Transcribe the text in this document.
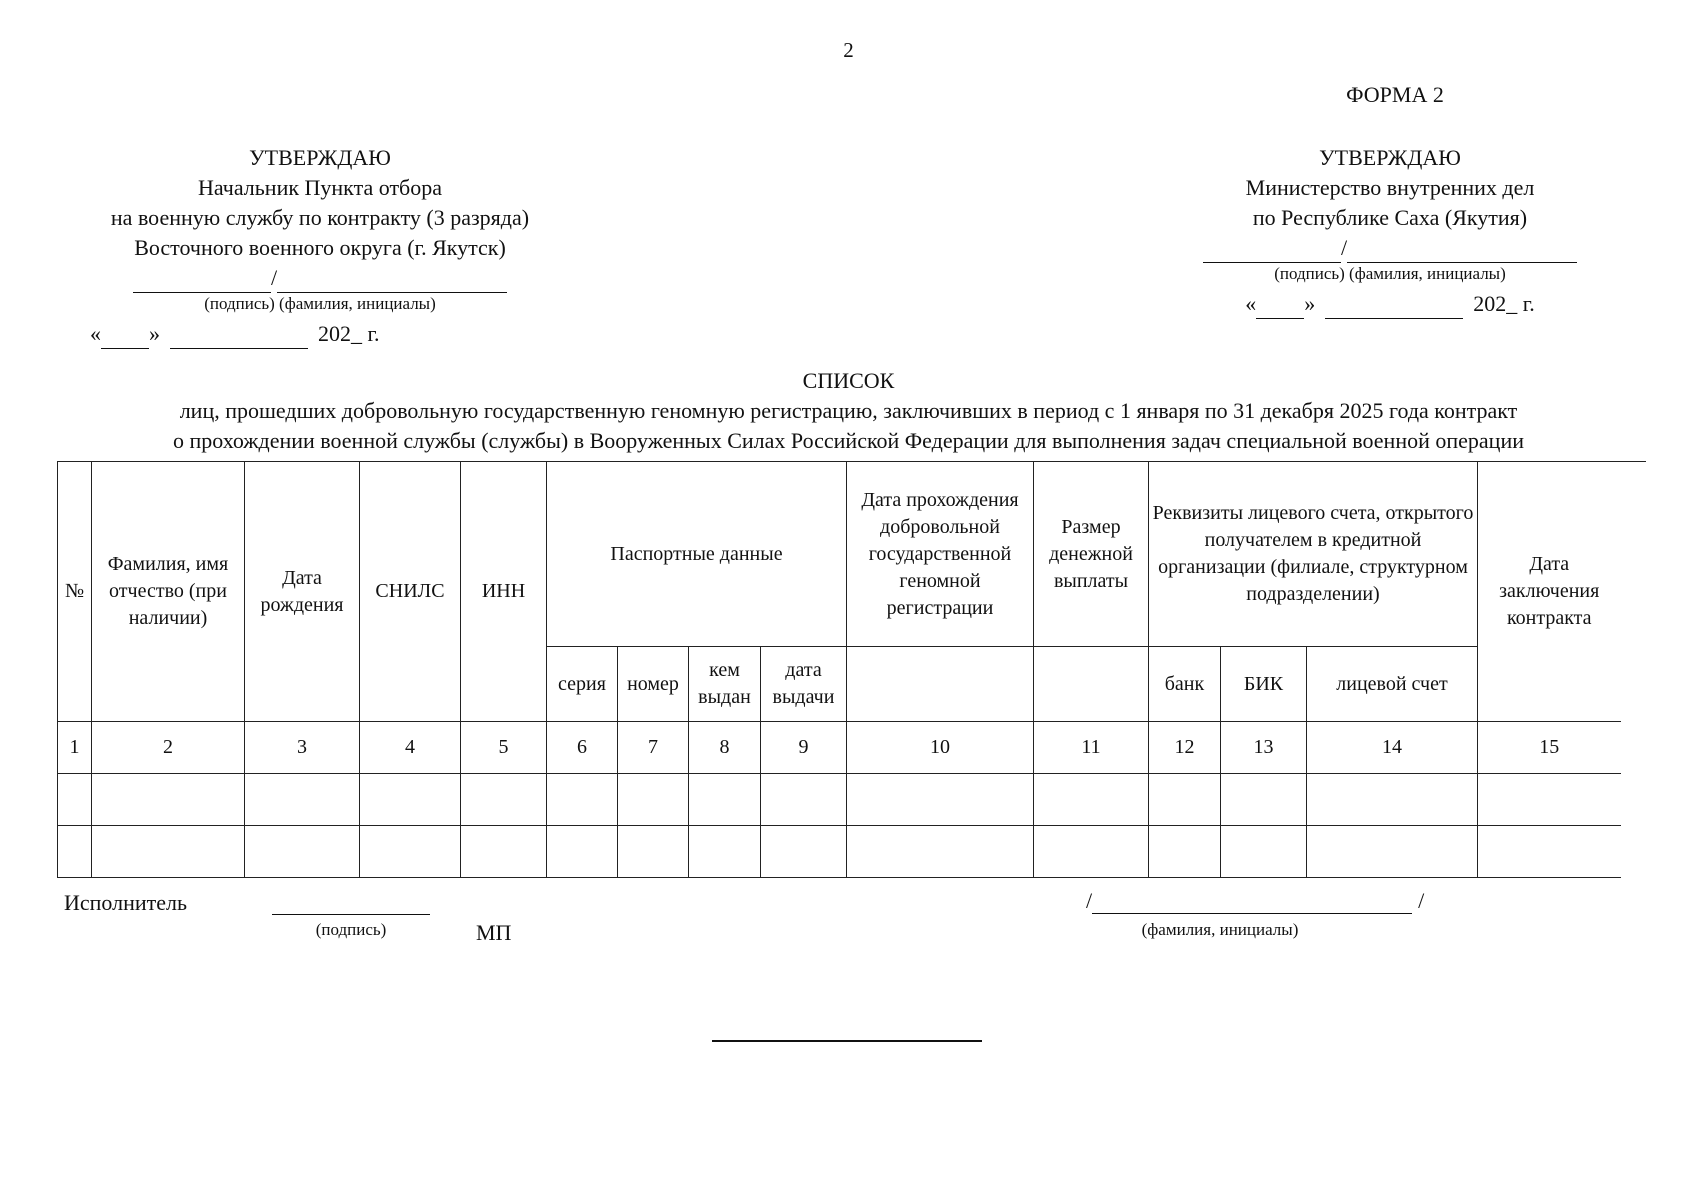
2
ФОРМА 2
УТВЕРЖДАЮ
Начальник Пункта отбора
на военную службу по контракту (3 разряда)
Восточного военного округа (г. Якутск)
/
(подпись) (фамилия, инициалы)
« »	202_ г.
УТВЕРЖДАЮ
Министерство внутренних дел
по Республике Саха (Якутия)
/
(подпись) (фамилия, инициалы)
« »	202_ г.
СПИСОК
лиц, прошедших добровольную государственную геномную регистрацию, заключивших в период с 1 января по 31 декабря 2025 года контракт
о прохождении военной службы (службы) в Вооруженных Силах Российской Федерации для выполнения задач специальной военной операции
№	Фамилия, имя отчество (при наличии)	Дата рождения	СНИЛС	ИНН	Паспортные данные				Дата прохождения добровольной государственной геномной регистрации	Размер денежной выплаты	Реквизиты лицевого счета, открытого получателем в кредитной организации (филиале, структурном подразделении)			Дата заключения контракта
					серия	номер	кем выдан	дата выдачи			банк	БИК	лицевой счет	
1	2	3	4	5	6	7	8	9	10	11	12	13	14	15

Исполнитель
(подпись)	МП
/	/
(фамилия, инициалы)
